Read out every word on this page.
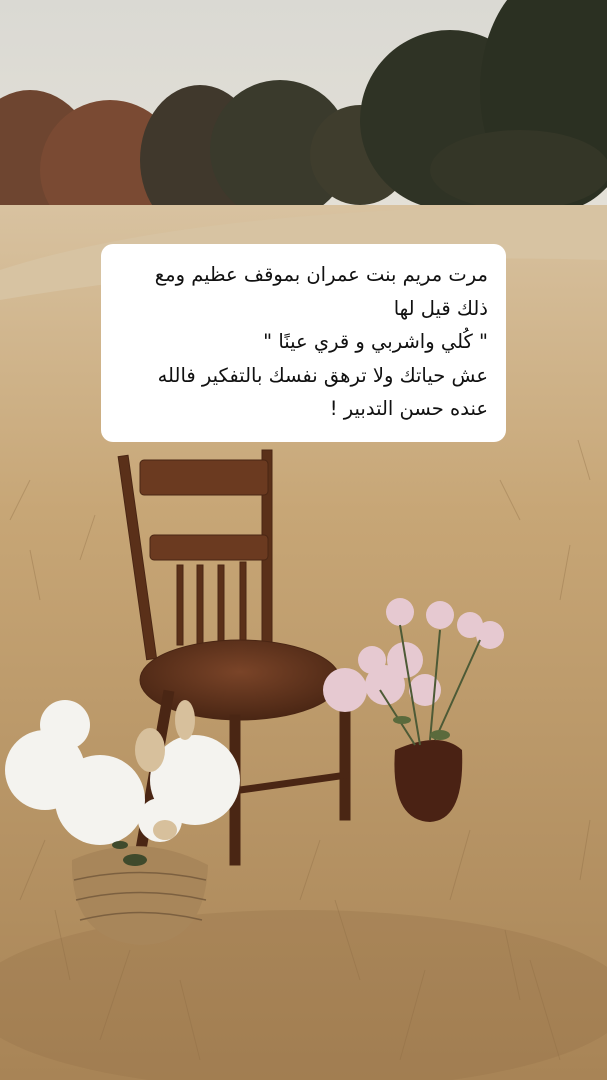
مرت مريم بنت عمران بموقف عظيم ومع
ذلك قيل لها
" كُلي واشربي و قري عينًا "
عش حياتك ولا ترهق نفسك بالتفكير فالله
عنده حسن التدبير !
